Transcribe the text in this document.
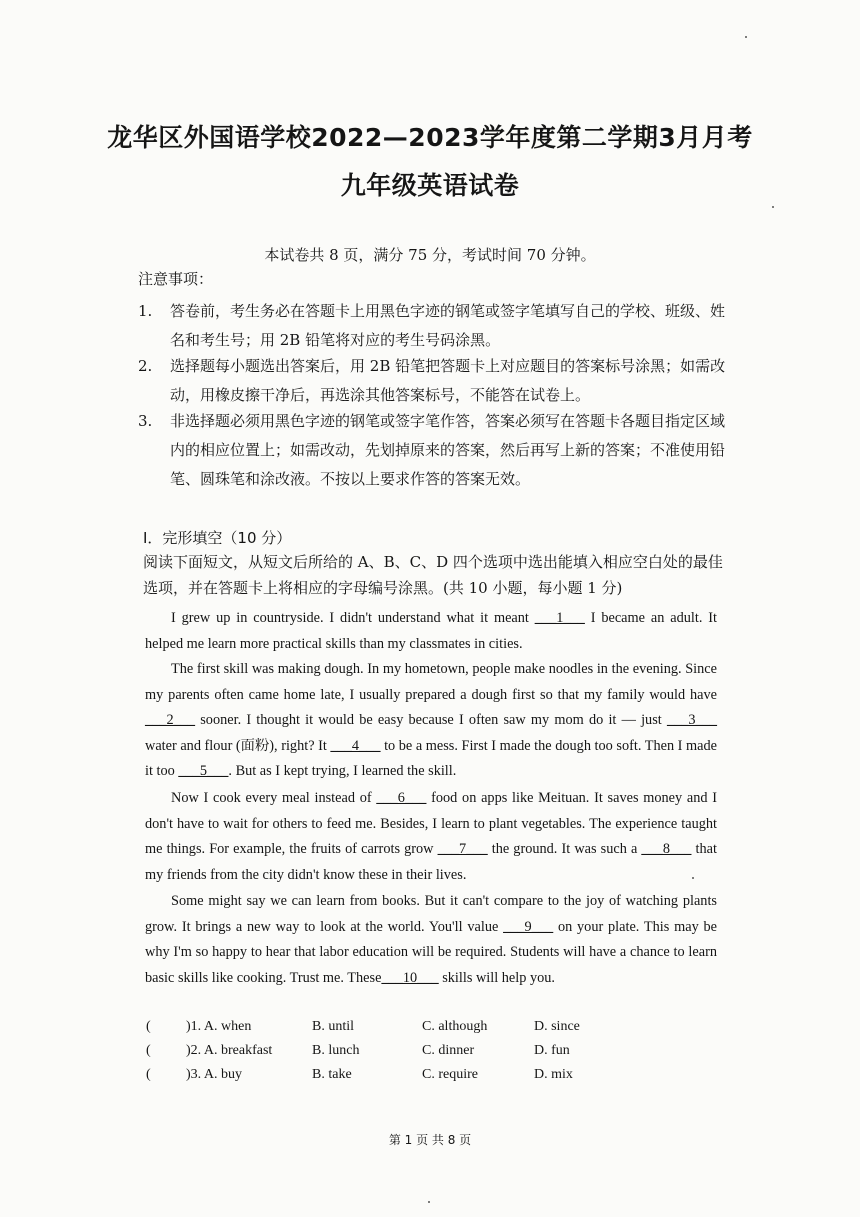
龙华区外国语学校2022—2023学年度第二学期3月月考
九年级英语试卷
本试卷共 8 页，满分 75 分，考试时间 70 分钟。
注意事项：
1.	答卷前，考生务必在答题卡上用黑色字迹的钢笔或签字笔填写自己的学校、班级、姓名和考生号；用 2B 铅笔将对应的考生号码涂黑。
2.	选择题每小题选出答案后，用 2B 铅笔把答题卡上对应题目的答案标号涂黑；如需改动，用橡皮擦干净后，再选涂其他答案标号，不能答在试卷上。
3.	非选择题必须用黑色字迹的钢笔或签字笔作答，答案必须写在答题卡各题目指定区域内的相应位置上；如需改动，先划掉原来的答案，然后再写上新的答案；不准使用铅笔、圆珠笔和涂改液。不按以上要求作答的答案无效。
I．完形填空（10 分）
阅读下面短文，从短文后所给的 A、B、C、D 四个选项中选出能填入相应空白处的最佳选项，并在答题卡上将相应的字母编号涂黑。(共 10 小题，每小题 1 分)
I grew up in countryside. I didn't understand what it meant ___1___ I became an adult. It helped me learn more practical skills than my classmates in cities.
The first skill was making dough. In my hometown, people make noodles in the evening. Since my parents often came home late, I usually prepared a dough first so that my family would have ___2___ sooner. I thought it would be easy because I often saw my mom do it — just ___3___ water and flour (面粉), right? It ___4___ to be a mess. First I made the dough too soft. Then I made it too ___5___. But as I kept trying, I learned the skill.
Now I cook every meal instead of ___6___ food on apps like Meituan. It saves money and I don't have to wait for others to feed me. Besides, I learn to plant vegetables. The experience taught me things. For example, the fruits of carrots grow ___7___ the ground. It was such a ___8___ that my friends from the city didn't know these in their lives.
Some might say we can learn from books. But it can't compare to the joy of watching plants grow. It brings a new way to look at the world. You'll value ___9___ on your plate. This may be why I'm so happy to hear that labor education will be required. Students will have a chance to learn basic skills like cooking. Trust me. These___10___ skills will help you.
(	)1. A. when	B. until	C. although	D. since
(	)2. A. breakfast	B. lunch	C. dinner	D. fun
(	)3. A. buy	B. take	C. require	D. mix
第 1 页 共 8 页
